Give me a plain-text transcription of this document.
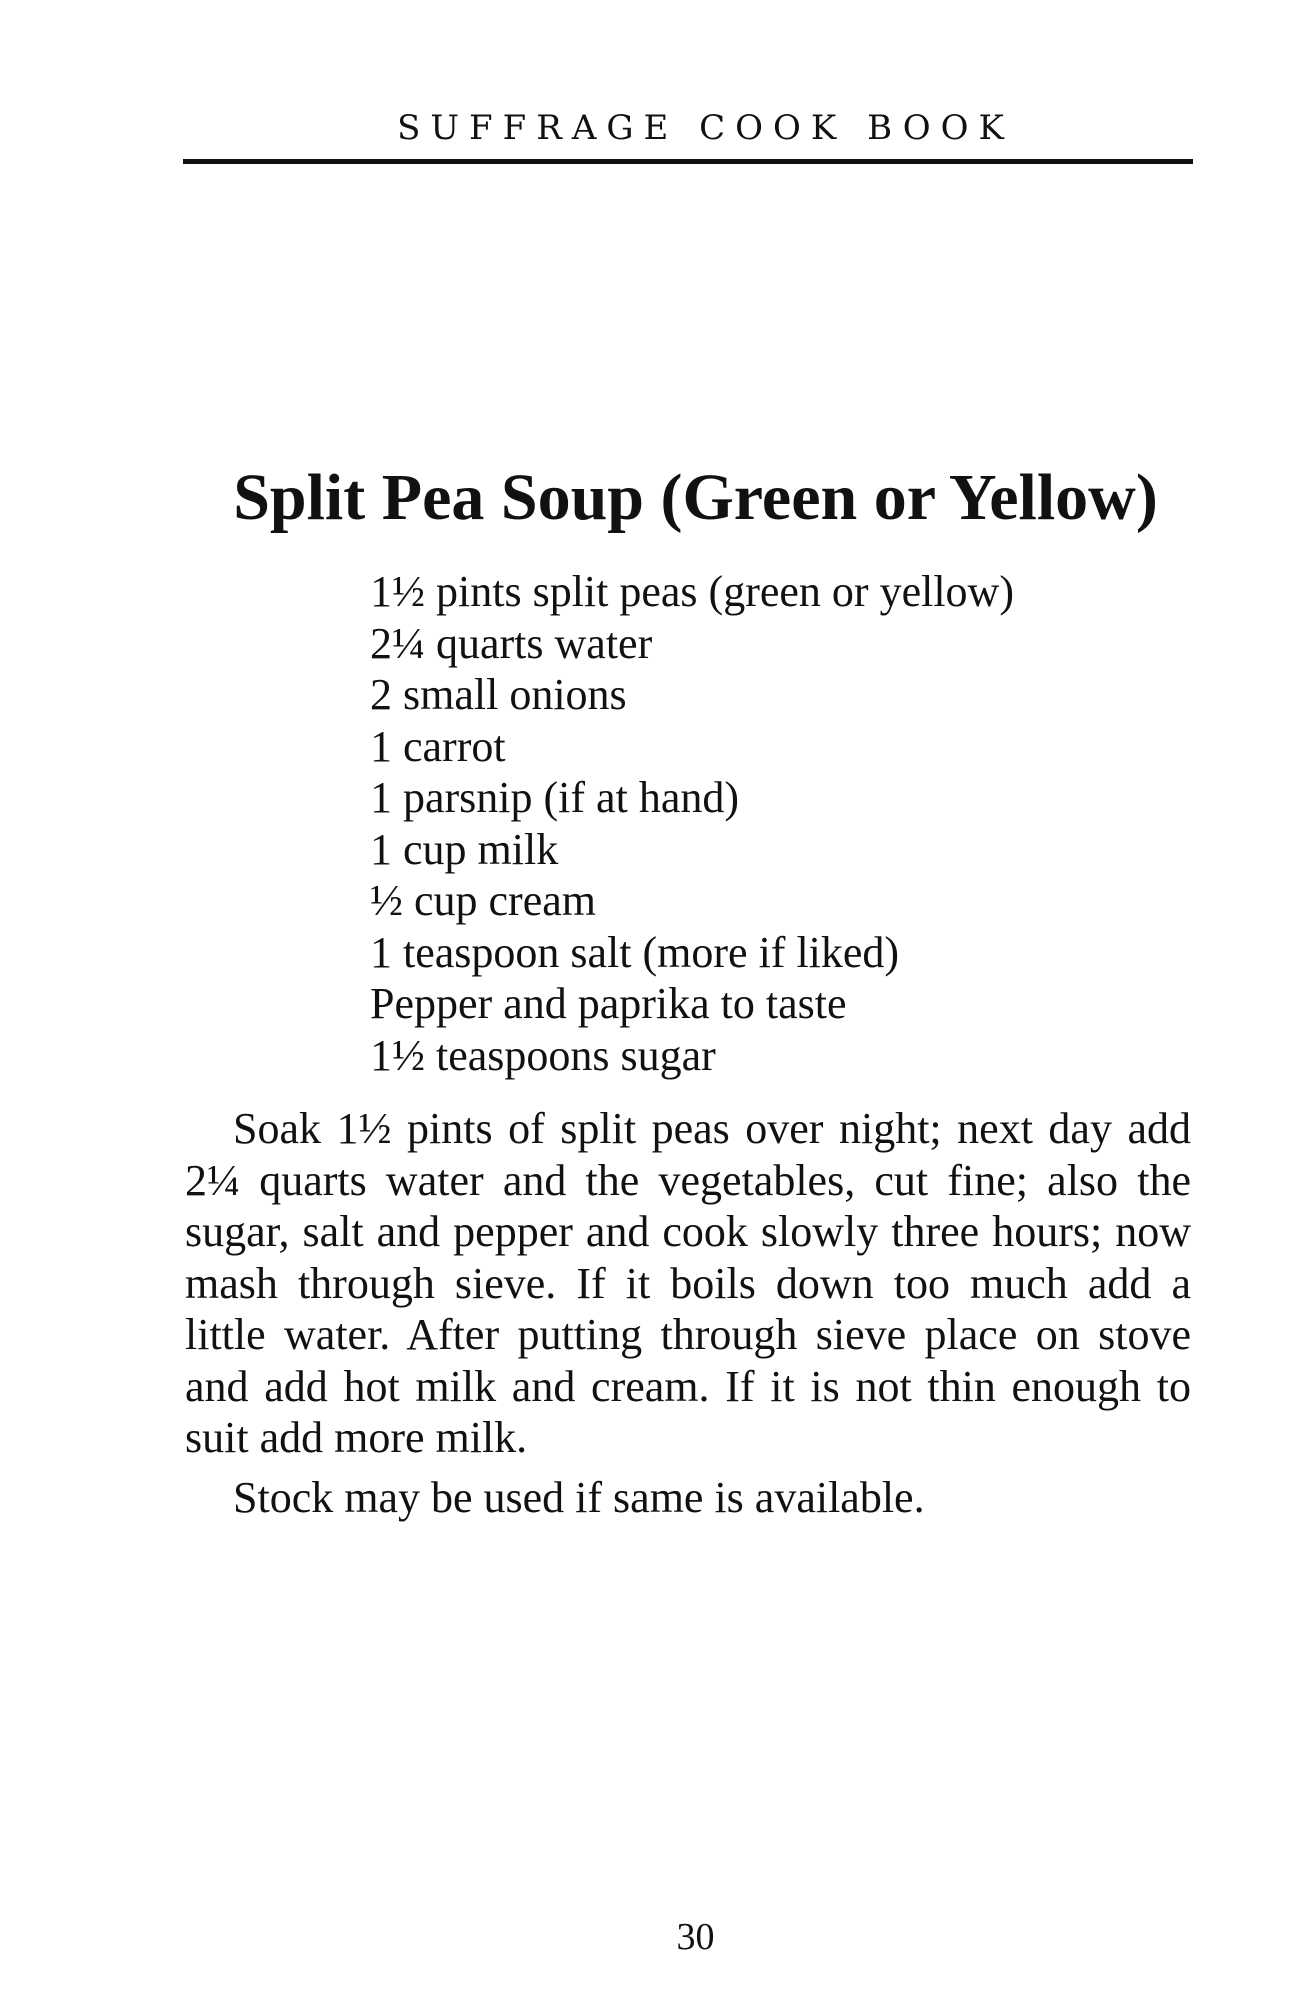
SUFFRAGE COOK BOOK
Split Pea Soup (Green or Yellow)
1½ pints split peas (green or yellow)
2¼ quarts water
2 small onions
1 carrot
1 parsnip (if at hand)
1 cup milk
½ cup cream
1 teaspoon salt (more if liked)
Pepper and paprika to taste
1½ teaspoons sugar

Soak 1½ pints of split peas over night; next day add 2¼ quarts water and the vegetables, cut fine; also the sugar, salt and pepper and cook slowly three hours; now mash through sieve. If it boils down too much add a little water. After putting through sieve place on stove and add hot milk and cream. If it is not thin enough to suit add more milk.

Stock may be used if same is available.

30
